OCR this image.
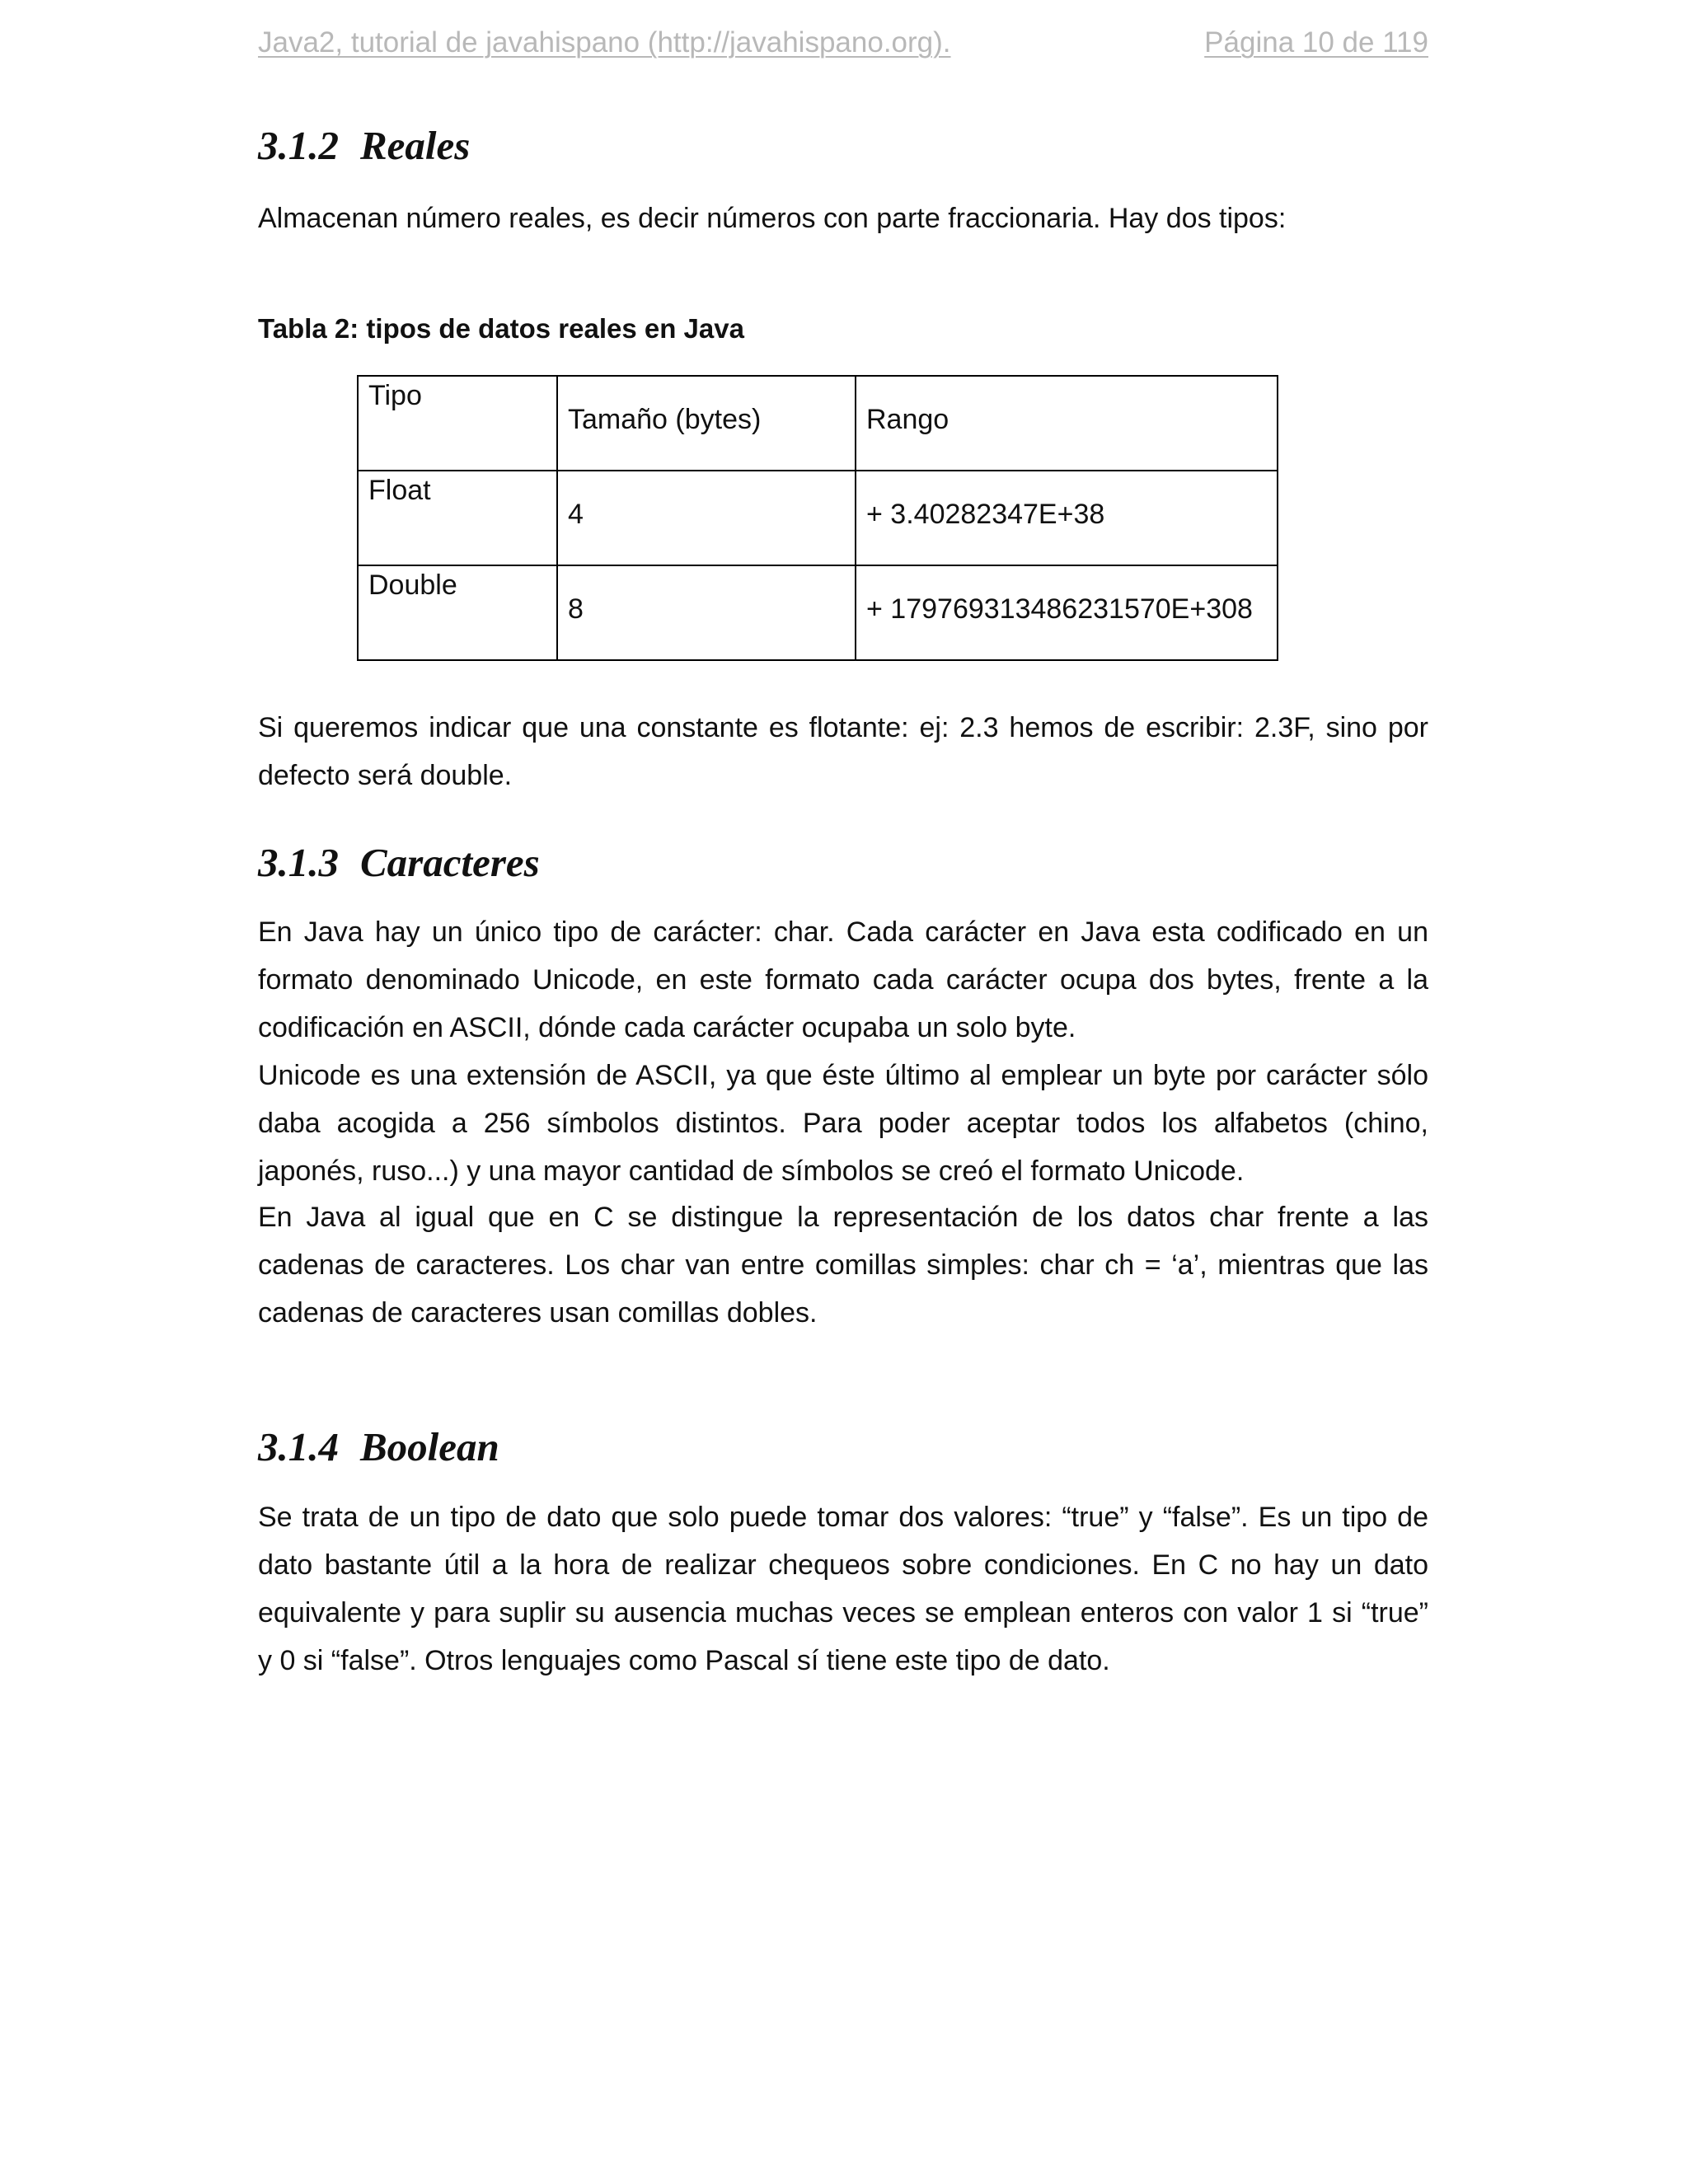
Java2, tutorial de javahispano (http://javahispano.org).	Página 10 de 119
3.1.2 Reales
Almacenan número reales, es decir números con parte fraccionaria. Hay dos tipos:
Tabla 2: tipos de datos reales en Java
Tipo	Tamaño (bytes)	Rango

Float	4	+ 3.40282347E+38

Double	8	+ 179769313486231570E+308
Si queremos indicar que una constante es flotante: ej: 2.3 hemos de escribir: 2.3F, sino por defecto será double.
3.1.3 Caracteres
En Java hay un único tipo de carácter: char. Cada carácter en Java esta codificado en un formato denominado Unicode, en este formato cada carácter ocupa dos bytes, frente a la codificación en ASCII, dónde cada carácter ocupaba un solo byte.
Unicode es una extensión de ASCII, ya que éste último al emplear un byte por carácter sólo daba acogida a 256 símbolos distintos. Para poder aceptar todos los alfabetos (chino, japonés, ruso...) y una mayor cantidad de símbolos se creó el formato Unicode.
En Java al igual que en C se distingue la representación de los datos char frente a las cadenas de caracteres. Los char van entre comillas simples: char ch = ‘a’, mientras que las cadenas de caracteres usan comillas dobles.
3.1.4 Boolean
Se trata de un tipo de dato que solo puede tomar dos valores: “true” y “false”. Es un tipo de dato bastante útil a la hora de realizar chequeos sobre condiciones. En C no hay un dato equivalente y para suplir su ausencia muchas veces se emplean enteros con valor 1 si “true” y 0 si “false”. Otros lenguajes como Pascal sí tiene este tipo de dato.
